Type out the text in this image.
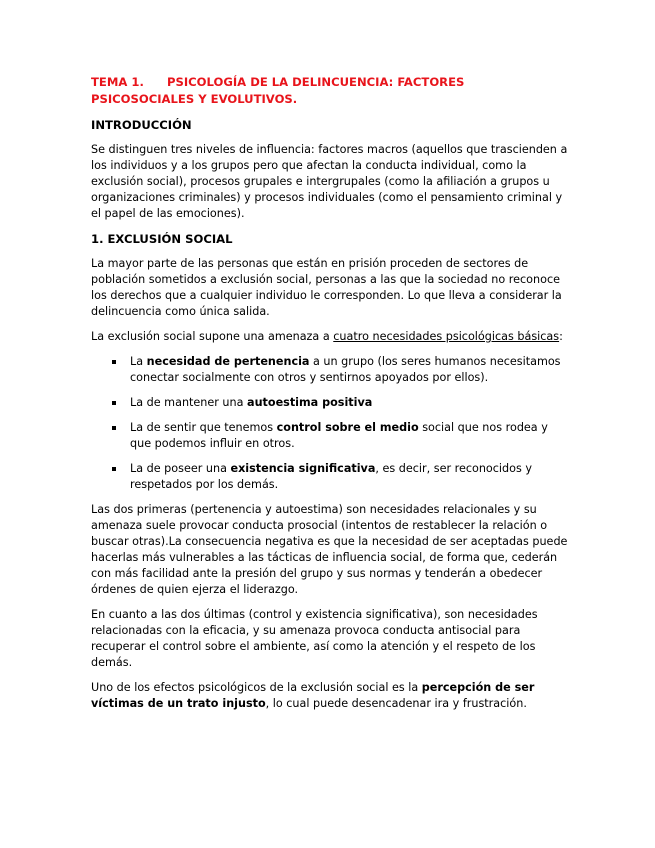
TEMA 1. PSICOLOGÍA DE LA DELINCUENCIA: FACTORES
PSICOSOCIALES Y EVOLUTIVOS.
INTRODUCCIÓN

Se distinguen tres niveles de influencia: factores macros (aquellos que trascienden a los individuos y a los grupos pero que afectan la conducta individual, como la exclusión social), procesos grupales e intergrupales (como la afiliación a grupos u organizaciones criminales) y procesos individuales (como el pensamiento criminal y el papel de las emociones).

1. EXCLUSIÓN SOCIAL

La mayor parte de las personas que están en prisión proceden de sectores de población sometidos a exclusión social, personas a las que la sociedad no reconoce los derechos que a cualquier individuo le corresponden. Lo que lleva a considerar la delincuencia como única salida.

La exclusión social supone una amenaza a cuatro necesidades psicológicas básicas:

La necesidad de pertenencia a un grupo (los seres humanos necesitamos conectar socialmente con otros y sentirnos apoyados por ellos).
La de mantener una autoestima positiva
La de sentir que tenemos control sobre el medio social que nos rodea y que podemos influir en otros.
La de poseer una existencia significativa, es decir, ser reconocidos y respetados por los demás.

Las dos primeras (pertenencia y autoestima) son necesidades relacionales y su amenaza suele provocar conducta prosocial (intentos de restablecer la relación o buscar otras).La consecuencia negativa es que la necesidad de ser aceptadas puede hacerlas más vulnerables a las tácticas de influencia social, de forma que, cederán con más facilidad ante la presión del grupo y sus normas y tenderán a obedecer órdenes de quien ejerza el liderazgo.

En cuanto a las dos últimas (control y existencia significativa), son necesidades relacionadas con la eficacia, y su amenaza provoca conducta antisocial para recuperar el control sobre el ambiente, así como la atención y el respeto de los demás.

Uno de los efectos psicológicos de la exclusión social es la percepción de ser víctimas de un trato injusto, lo cual puede desencadenar ira y frustración.
